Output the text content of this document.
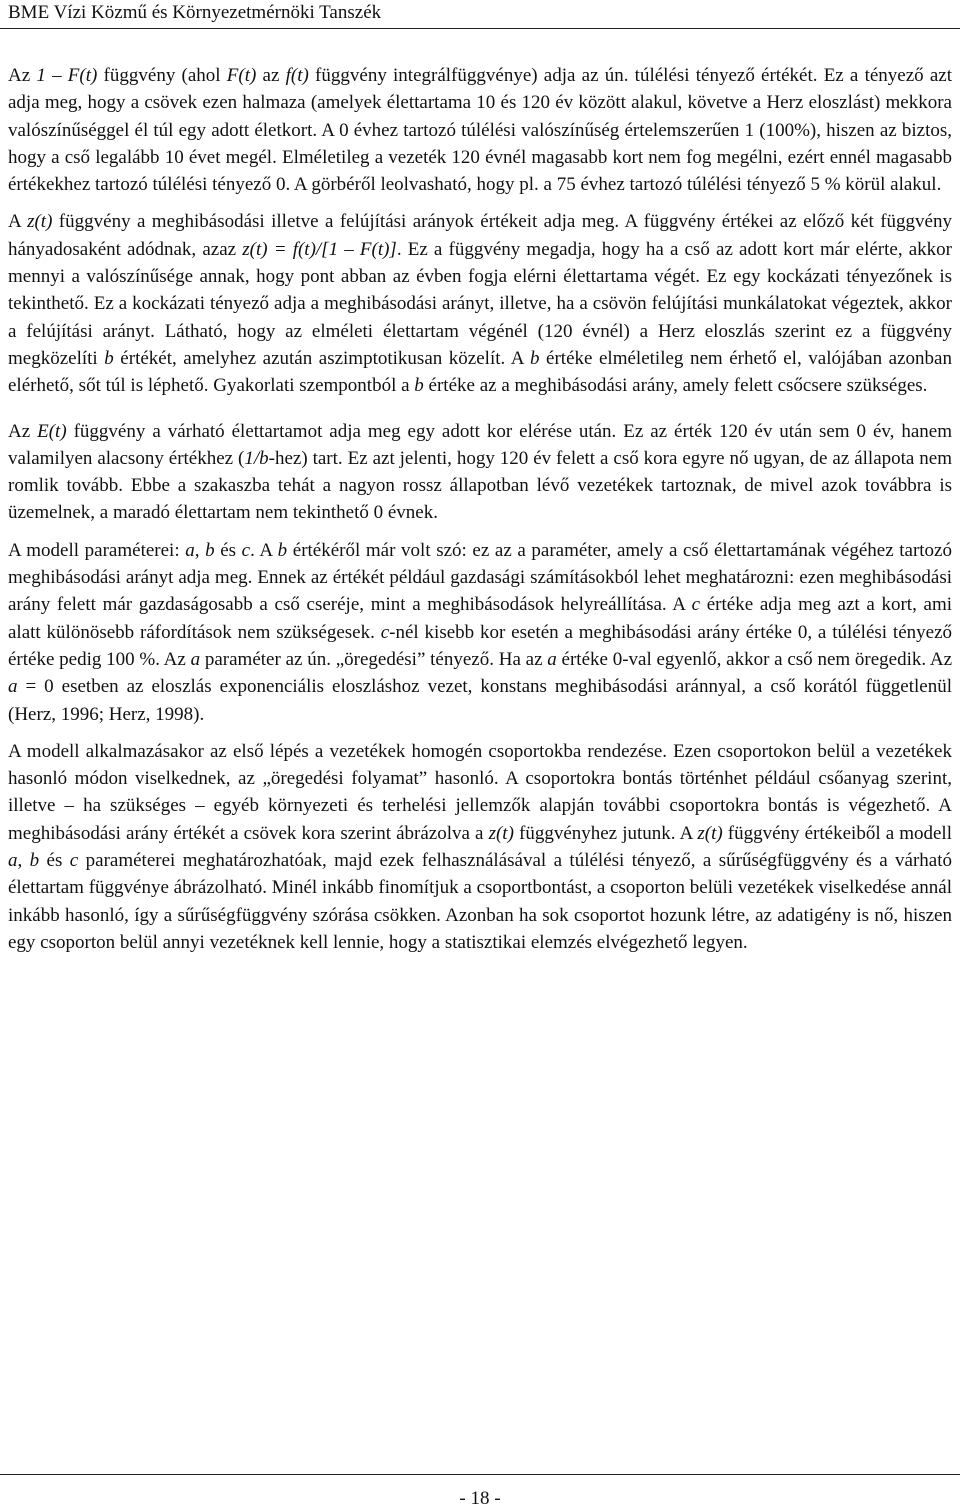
BME Vízi Közmű és Környezetmérnöki Tanszék

Az 1 – F(t) függvény (ahol F(t) az f(t) függvény integrálfüggvénye) adja az ún. túlélési tényező értékét. Ez a tényező azt adja meg, hogy a csövek ezen halmaza (amelyek élettartama 10 és 120 év között alakul, követve a Herz eloszlást) mekkora valószínűséggel él túl egy adott életkort. A 0 évhez tartozó túlélési valószínűség értelemszerűen 1 (100%), hiszen az biztos, hogy a cső legalább 10 évet megél. Elméletileg a vezeték 120 évnél magasabb kort nem fog megélni, ezért ennél magasabb értékekhez tartozó túlélési tényező 0. A görbéről leolvasható, hogy pl. a 75 évhez tartozó túlélési tényező 5 % körül alakul.

A z(t) függvény a meghibásodási illetve a felújítási arányok értékeit adja meg. A függvény értékei az előző két függvény hányadosaként adódnak, azaz z(t) = f(t)/[1 – F(t)]. Ez a függvény megadja, hogy ha a cső az adott kort már elérte, akkor mennyi a valószínűsége annak, hogy pont abban az évben fogja elérni élettartama végét. Ez egy kockázati tényezőnek is tekinthető. Ez a kockázati tényező adja a meghibásodási arányt, illetve, ha a csövön felújítási munkálatokat végeztek, akkor a felújítási arányt. Látható, hogy az elméleti élettartam végénél (120 évnél) a Herz eloszlás szerint ez a függvény megközelíti b értékét, amelyhez azután aszimptotikusan közelít. A b értéke elméletileg nem érhető el, valójában azonban elérhető, sőt túl is léphető. Gyakorlati szempontból a b értéke az a meghibásodási arány, amely felett csőcsere szükséges.

Az E(t) függvény a várható élettartamot adja meg egy adott kor elérése után. Ez az érték 120 év után sem 0 év, hanem valamilyen alacsony értékhez (1/b-hez) tart. Ez azt jelenti, hogy 120 év felett a cső kora egyre nő ugyan, de az állapota nem romlik tovább. Ebbe a szakaszba tehát a nagyon rossz állapotban lévő vezetékek tartoznak, de mivel azok továbbra is üzemelnek, a maradó élettartam nem tekinthető 0 évnek.

A modell paraméterei: a, b és c. A b értékéről már volt szó: ez az a paraméter, amely a cső élettartamának végéhez tartozó meghibásodási arányt adja meg. Ennek az értékét például gazdasági számításokból lehet meghatározni: ezen meghibásodási arány felett már gazdaságosabb a cső cseréje, mint a meghibásodások helyreállítása. A c értéke adja meg azt a kort, ami alatt különösebb ráfordítások nem szükségesek. c-nél kisebb kor esetén a meghibásodási arány értéke 0, a túlélési tényező értéke pedig 100 %. Az a paraméter az ún. „öregedési” tényező. Ha az a értéke 0-val egyenlő, akkor a cső nem öregedik. Az a = 0 esetben az eloszlás exponenciális eloszláshoz vezet, konstans meghibásodási aránnyal, a cső korától függetlenül (Herz, 1996; Herz, 1998).

A modell alkalmazásakor az első lépés a vezetékek homogén csoportokba rendezése. Ezen csoportokon belül a vezetékek hasonló módon viselkednek, az „öregedési folyamat” hasonló. A csoportokra bontás történhet például csőanyag szerint, illetve – ha szükséges – egyéb környezeti és terhelési jellemzők alapján további csoportokra bontás is végezhető. A meghibásodási arány értékét a csövek kora szerint ábrázolva a z(t) függvényhez jutunk. A z(t) függvény értékeiből a modell a, b és c paraméterei meghatározhatóak, majd ezek felhasználásával a túlélési tényező, a sűrűségfüggvény és a várható élettartam függvénye ábrázolható. Minél inkább finomítjuk a csoportbontást, a csoporton belüli vezetékek viselkedése annál inkább hasonló, így a sűrűségfüggvény szórása csökken. Azonban ha sok csoportot hozunk létre, az adatigény is nő, hiszen egy csoporton belül annyi vezetéknek kell lennie, hogy a statisztikai elemzés elvégezhető legyen.

- 18 -
